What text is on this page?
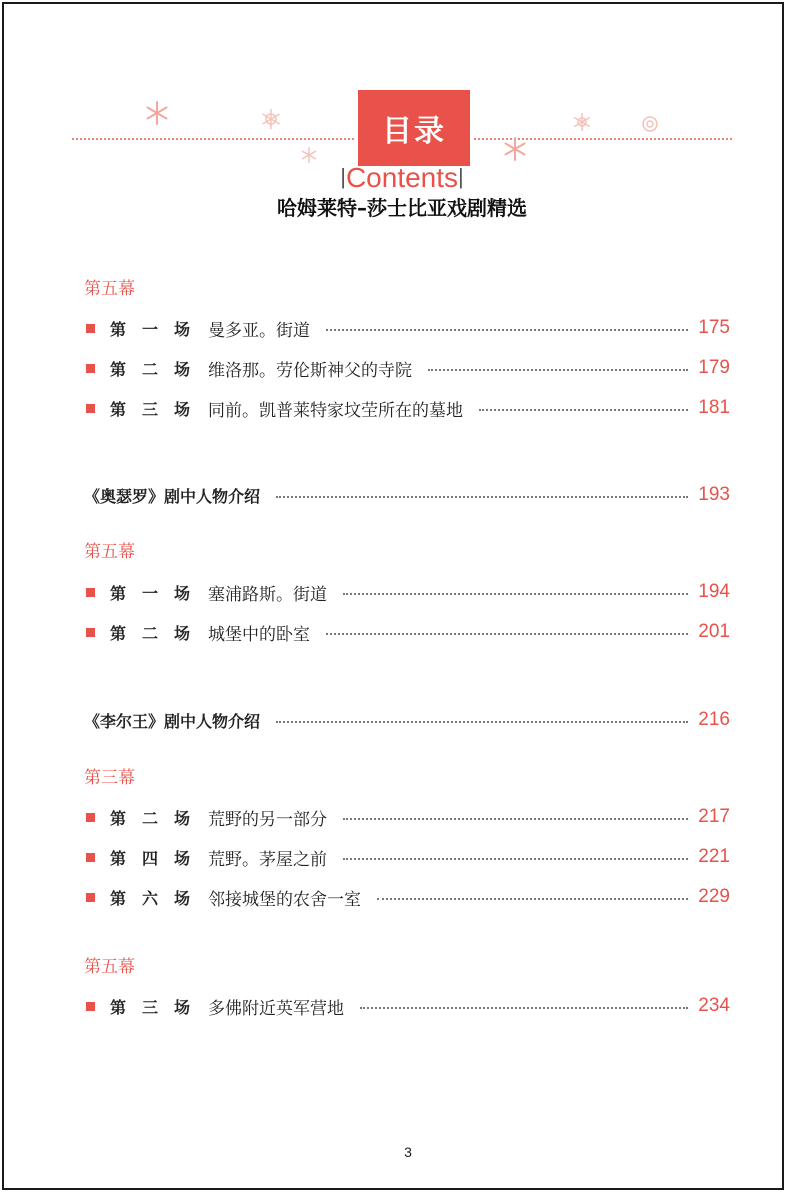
目录
|Contents|
哈姆莱特–莎士比亚戏剧精选
第五幕
第 一 场 曼多亚。街道	175
第 二 场 维洛那。劳伦斯神父的寺院	179
第 三 场 同前。凯普莱特家坟茔所在的墓地	181
《奥瑟罗》剧中人物介绍	193
第五幕
第 一 场 塞浦路斯。街道	194
第 二 场 城堡中的卧室	201
《李尔王》剧中人物介绍	216
第三幕
第 二 场 荒野的另一部分	217
第 四 场 荒野。茅屋之前	221
第 六 场 邻接城堡的农舍一室	229
第五幕
第 三 场 多佛附近英军营地	234
3
